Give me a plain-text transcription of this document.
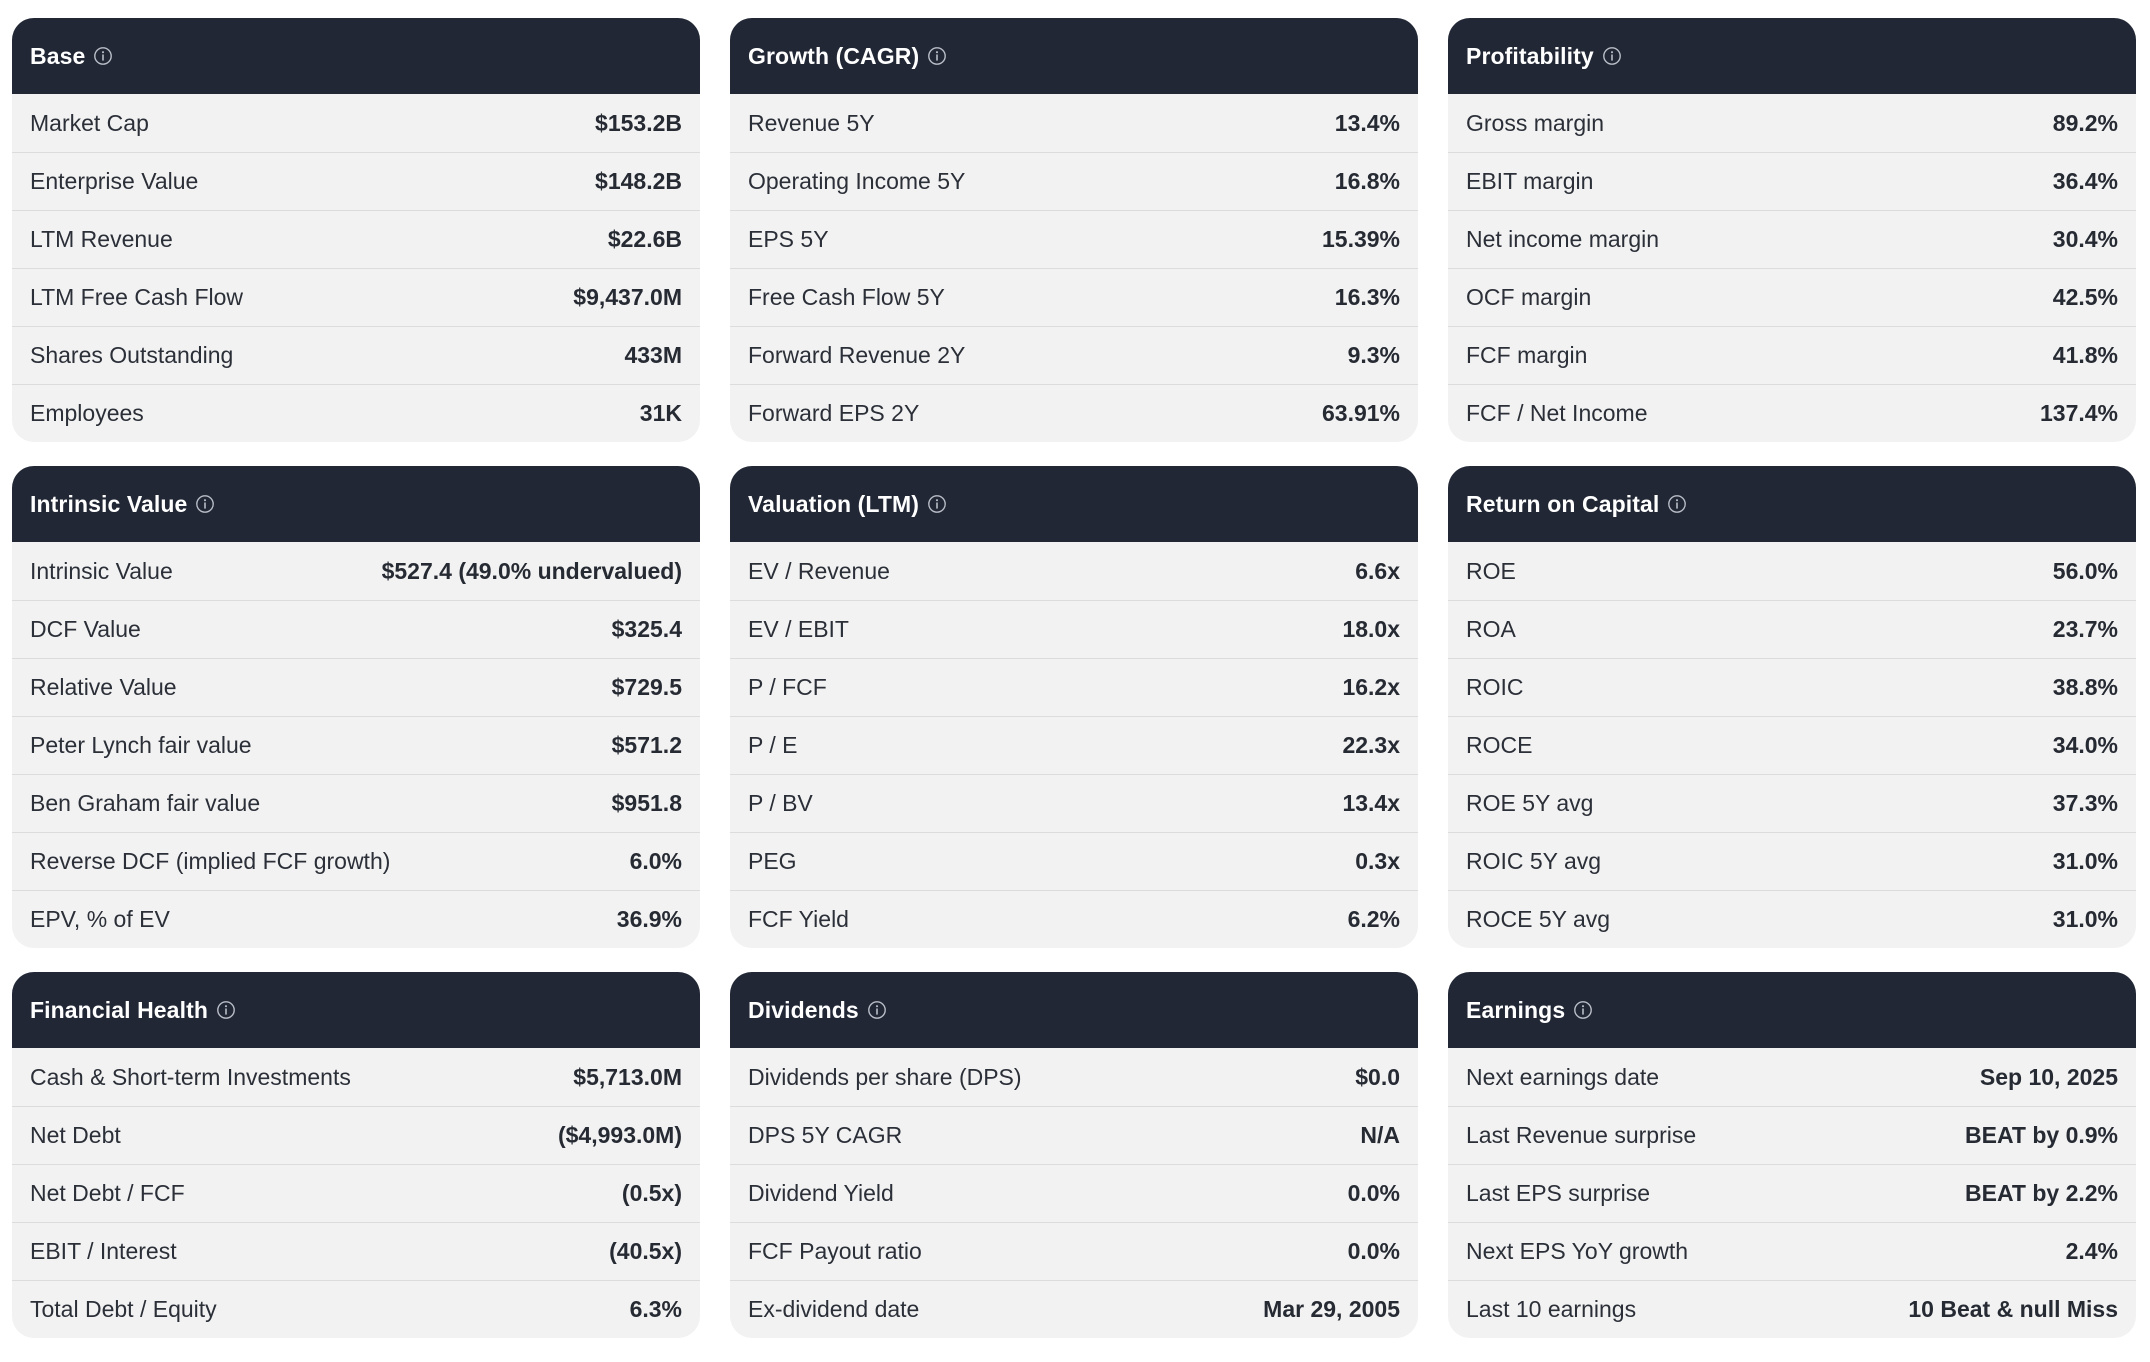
Base
Market Cap	$153.2B
Enterprise Value	$148.2B
LTM Revenue	$22.6B
LTM Free Cash Flow	$9,437.0M
Shares Outstanding	433M
Employees	31K
Growth (CAGR)
Revenue 5Y	13.4%
Operating Income 5Y	16.8%
EPS 5Y	15.39%
Free Cash Flow 5Y	16.3%
Forward Revenue 2Y	9.3%
Forward EPS 2Y	63.91%
Profitability
Gross margin	89.2%
EBIT margin	36.4%
Net income margin	30.4%
OCF margin	42.5%
FCF margin	41.8%
FCF / Net Income	137.4%
Intrinsic Value
Intrinsic Value	$527.4 (49.0% undervalued)
DCF Value	$325.4
Relative Value	$729.5
Peter Lynch fair value	$571.2
Ben Graham fair value	$951.8
Reverse DCF (implied FCF growth)	6.0%
EPV, % of EV	36.9%
Valuation (LTM)
EV / Revenue	6.6x
EV / EBIT	18.0x
P / FCF	16.2x
P / E	22.3x
P / BV	13.4x
PEG	0.3x
FCF Yield	6.2%
Return on Capital
ROE	56.0%
ROA	23.7%
ROIC	38.8%
ROCE	34.0%
ROE 5Y avg	37.3%
ROIC 5Y avg	31.0%
ROCE 5Y avg	31.0%
Financial Health
Cash & Short-term Investments	$5,713.0M
Net Debt	($4,993.0M)
Net Debt / FCF	(0.5x)
EBIT / Interest	(40.5x)
Total Debt / Equity	6.3%
Dividends
Dividends per share (DPS)	$0.0
DPS 5Y CAGR	N/A
Dividend Yield	0.0%
FCF Payout ratio	0.0%
Ex-dividend date	Mar 29, 2005
Earnings
Next earnings date	Sep 10, 2025
Last Revenue surprise	BEAT by 0.9%
Last EPS surprise	BEAT by 2.2%
Next EPS YoY growth	2.4%
Last 10 earnings	10 Beat & null Miss
